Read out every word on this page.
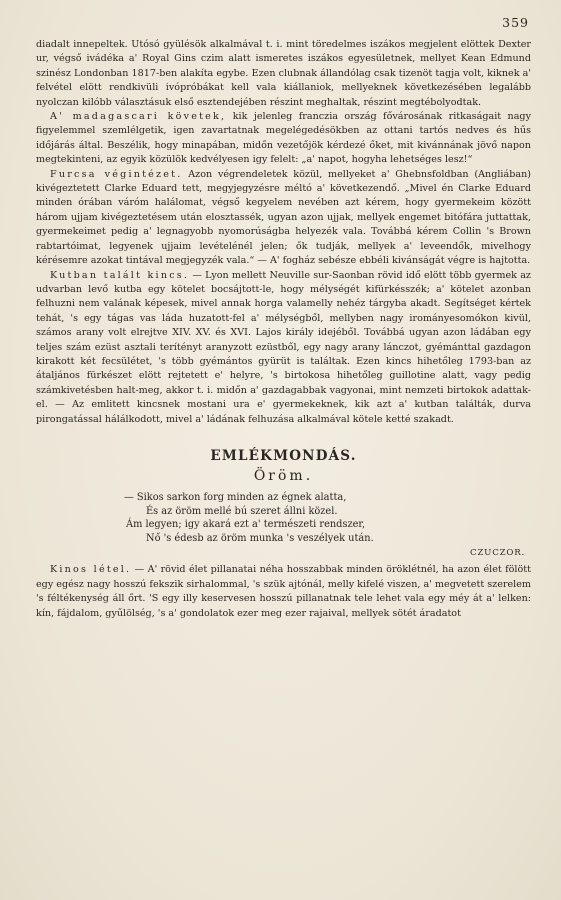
359

diadalt innepeltek. Utósó gyülésök alkalmával t. i. mint töredelmes iszákos megjelent elöttek Dexter ur, végső ivádéka a' Royal Gins czim alatt ismeretes iszákos egyesületnek, mellyet Kean Edmund szinész Londonban 1817-ben alakíta egybe. Ezen clubnak állandólag csak tizenöt tagja volt, kiknek a' felvétel elött rendkivüli ivópróbákat kell vala kiállaniok, mellyeknek következésében legalább nyolczan kilóbb választásuk első esztendejében részint meghaltak, részint megtébolyodtak.

A' madagascari követek, kik jelenleg franczia ország fővárosának ritkaságait nagy figyelemmel szemlélgetik, igen zavartatnak megelégedésökben az ottani tartós nedves és hűs időjárás által. Beszélik, hogy minapában, midőn vezetőjök kérdezé őket, mit kivánnának jövő napon megtekinteni, az egyik közülök kedvélyesen igy felelt: „a' napot, hogyha lehetséges lesz!“

Furcsa végintézet. Azon végrendeletek közül, mellyeket a' Ghebnsfoldban (Angliában) kivégeztetett Clarke Eduard tett, megyjegyzésre méltó a' következendő. „Mivel én Clarke Eduard minden órában váróm halálomat, végső kegyelem nevében azt kérem, hogy gyermekeim között három ujjam kivégeztetésem után elosztassék, ugyan azon ujjak, mellyek engemet bitófára juttattak, gyermekeimet pedig a' legnagyobb nyomorúságba helyezék vala. Továbbá kérem Collin 's Brown rabtartóimat, legyenek ujjaim levételénél jelen; ők tudják, mellyek a' leveendők, mivelhogy kérésemre azokat tintával megjegyzék vala.“ — A' fogház sebésze ebbéli kivánságát végre is hajtotta.

Kutban talált kincs. — Lyon mellett Neuville sur-Saonban rövid idő elött több gyermek az udvarban levő kutba egy kötelet bocsájtott-le, hogy mélységét kifürkésszék; a' kötelet azonban felhuzni nem valának képesek, mivel annak horga valamelly nehéz tárgyba akadt. Segítséget kértek tehát, 's egy tágas vas láda huzatott-fel a' mélységből, mellyben nagy irományesomókon kivül, számos arany volt elrejtve XIV. XV. és XVI. Lajos király idejéből. Továbbá ugyan azon ládában egy teljes szám ezüst asztali terítényt aranyzott ezüstből, egy nagy arany lánczot, gyémánttal gazdagon kirakott két fecsülétet, 's több gyémántos gyürüt is találtak. Ezen kincs hihetőleg 1793-ban az átaljános fürkészet elött rejtetett e' helyre, 's birtokosa hihetőleg guillotine alatt, vagy pedig számkivetésben halt-meg, akkor t. i. midőn a' gazdagabbak vagyonai, mint nemzeti birtokok adattak-el. — Az emlitett kincsnek mostani ura e' gyermekeknek, kik azt a' kutban találták, durva pirongatással hálálkodott, mivel a' ládának felhuzása alkalmával kötele ketté szakadt.

EMLÉKMONDÁS.
Öröm.

— Sikos sarkon forg minden az égnek alatta,

És az öröm mellé bú szeret állni közel.

Ám legyen; igy akará ezt a' természeti rendszer,

Nő 's édesb az öröm munka 's veszélyek után.

CZUCZOR.

Kinos létel. — A' rövid élet pillanatai néha hosszabbak minden öröklétnél, ha azon élet fölött egy egész nagy hosszú fekszik sirhalommal, 's szük ajtónál, melly kifelé viszen, a' megvetett szerelem 's féltékenység áll őrt. 'S egy illy keservesen hosszú pillanatnak tele lehet vala egy méy át a' lelken: kín, fájdalom, gyűlölség, 's a' gondolatok ezer meg ezer rajaival, mellyek sötét áradatot
